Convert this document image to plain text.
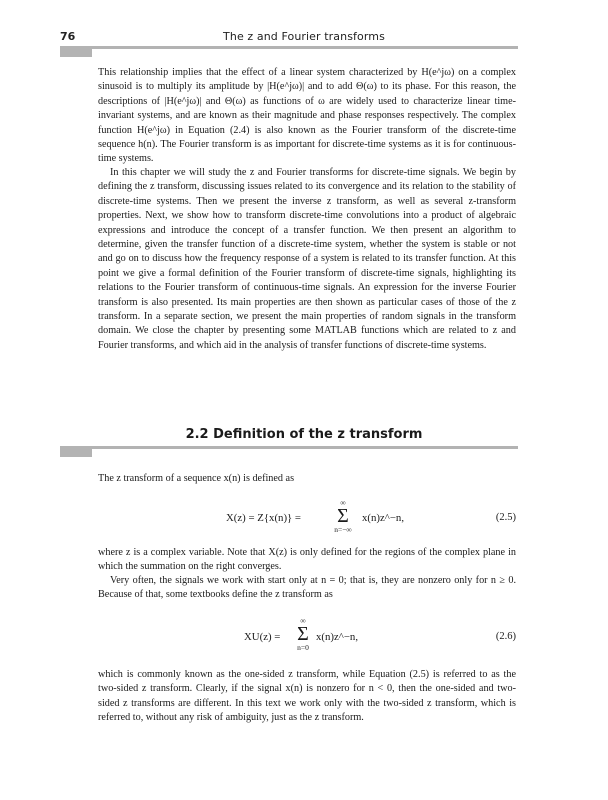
76	The z and Fourier transforms

This relationship implies that the effect of a linear system characterized by H(e^jω) on a complex sinusoid is to multiply its amplitude by |H(e^jω)| and to add Θ(ω) to its phase. For this reason, the descriptions of |H(e^jω)| and Θ(ω) as functions of ω are widely used to characterize linear time-invariant systems, and are known as their magnitude and phase responses respectively. The complex function H(e^jω) in Equation (2.4) is also known as the Fourier transform of the discrete-time sequence h(n). The Fourier transform is as important for discrete-time systems as it is for continuous-time systems.

In this chapter we will study the z and Fourier transforms for discrete-time signals. We begin by defining the z transform, discussing issues related to its convergence and its relation to the stability of discrete-time systems. Then we present the inverse z transform, as well as several z-transform properties. Next, we show how to transform discrete-time convolutions into a product of algebraic expressions and introduce the concept of a transfer function. We then present an algorithm to determine, given the transfer function of a discrete-time system, whether the system is stable or not and go on to discuss how the frequency response of a system is related to its transfer function. At this point we give a formal definition of the Fourier transform of discrete-time signals, highlighting its relations to the Fourier transform of continuous-time signals. An expression for the inverse Fourier transform is also presented. Its main properties are then shown as particular cases of those of the z transform. In a separate section, we present the main properties of random signals in the transform domain. We close the chapter by presenting some MATLAB functions which are related to z and Fourier transforms, and which aid in the analysis of transfer functions of discrete-time systems.

2.2 Definition of the z transform

The z transform of a sequence x(n) is defined as

X(z) = Z{x(n)} =
∞
Σ
n=−∞
x(n)z^−n,	(2.5)

where z is a complex variable. Note that X(z) is only defined for the regions of the complex plane in which the summation on the right converges.

Very often, the signals we work with start only at n = 0; that is, they are nonzero only for n ≥ 0. Because of that, some textbooks define the z transform as

XU(z) =
∞
Σ
n=0
x(n)z^−n,	(2.6)

which is commonly known as the one-sided z transform, while Equation (2.5) is referred to as the two-sided z transform. Clearly, if the signal x(n) is nonzero for n < 0, then the one-sided and two-sided z transforms are different. In this text we work only with the two-sided z transform, which is referred to, without any risk of ambiguity, just as the z transform.
